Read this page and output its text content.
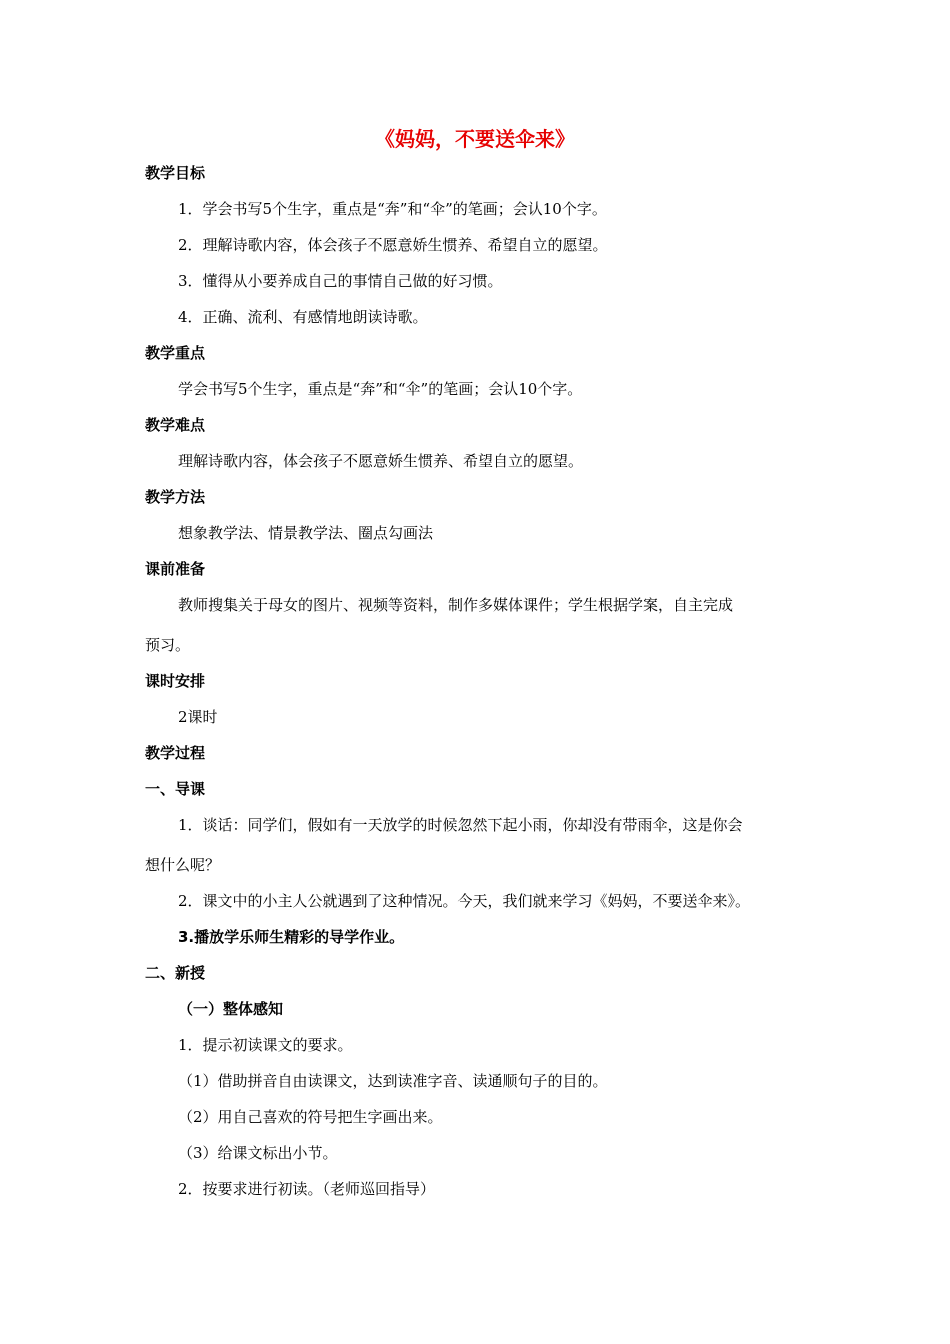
《妈妈，不要送伞来》
教学目标
1．学会书写5个生字，重点是“奔”和“伞”的笔画；会认10个字。
2．理解诗歌内容，体会孩子不愿意娇生惯养、希望自立的愿望。
3．懂得从小要养成自己的事情自己做的好习惯。
4．正确、流利、有感情地朗读诗歌。
教学重点
学会书写5个生字，重点是“奔”和“伞”的笔画；会认10个字。
教学难点
理解诗歌内容，体会孩子不愿意娇生惯养、希望自立的愿望。
教学方法
想象教学法、情景教学法、圈点勾画法
课前准备
教师搜集关于母女的图片、视频等资料，制作多媒体课件；学生根据学案，自主完成
预习。
课时安排
2课时
教学过程
一、导课
1．谈话：同学们，假如有一天放学的时候忽然下起小雨，你却没有带雨伞，这是你会
想什么呢？
2．课文中的小主人公就遇到了这种情况。今天，我们就来学习《妈妈，不要送伞来》。
3.播放学乐师生精彩的导学作业。
二、新授
（一）整体感知
1．提示初读课文的要求。
（1）借助拼音自由读课文，达到读准字音、读通顺句子的目的。
（2）用自己喜欢的符号把生字画出来。
（3）给课文标出小节。
2．按要求进行初读。（老师巡回指导）
